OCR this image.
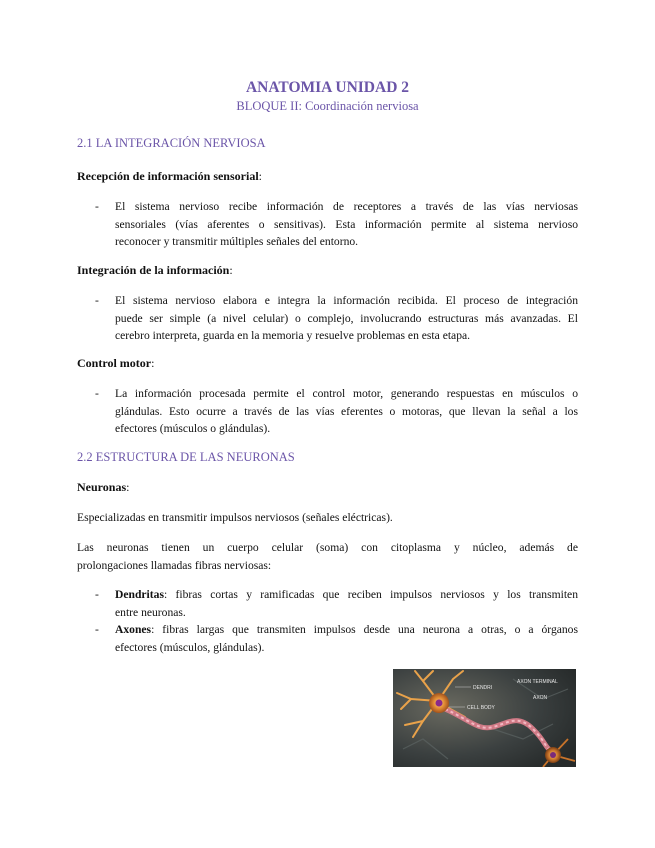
ANATOMIA UNIDAD 2
BLOQUE II: Coordinación nerviosa
2.1 LA INTEGRACIÓN NERVIOSA
Recepción de información sensorial:
- El sistema nervioso recibe información de receptores a través de las vías nerviosas
sensoriales (vías aferentes o sensitivas). Esta información permite al sistema nervioso
reconocer y transmitir múltiples señales del entorno.
Integración de la información:
- El sistema nervioso elabora e integra la información recibida. El proceso de integración
puede ser simple (a nivel celular) o complejo, involucrando estructuras más avanzadas. El
cerebro interpreta, guarda en la memoria y resuelve problemas en esta etapa.
Control motor:
- La información procesada permite el control motor, generando respuestas en músculos o
glándulas. Esto ocurre a través de las vías eferentes o motoras, que llevan la señal a los
efectores (músculos o glándulas).
2.2 ESTRUCTURA DE LAS NEURONAS
Neuronas:
Especializadas en transmitir impulsos nerviosos (señales eléctricas).
Las neuronas tienen un cuerpo celular (soma) con citoplasma y núcleo, además de
prolongaciones llamadas fibras nerviosas:
- Dendritas: fibras cortas y ramificadas que reciben impulsos nerviosos y los transmiten
entre neuronas.
- Axones: fibras largas que transmiten impulsos desde una neurona a otras, o a órganos
efectores (músculos, glándulas).
DENDRI
CELL BODY
AXON TERMINAL
AXON
